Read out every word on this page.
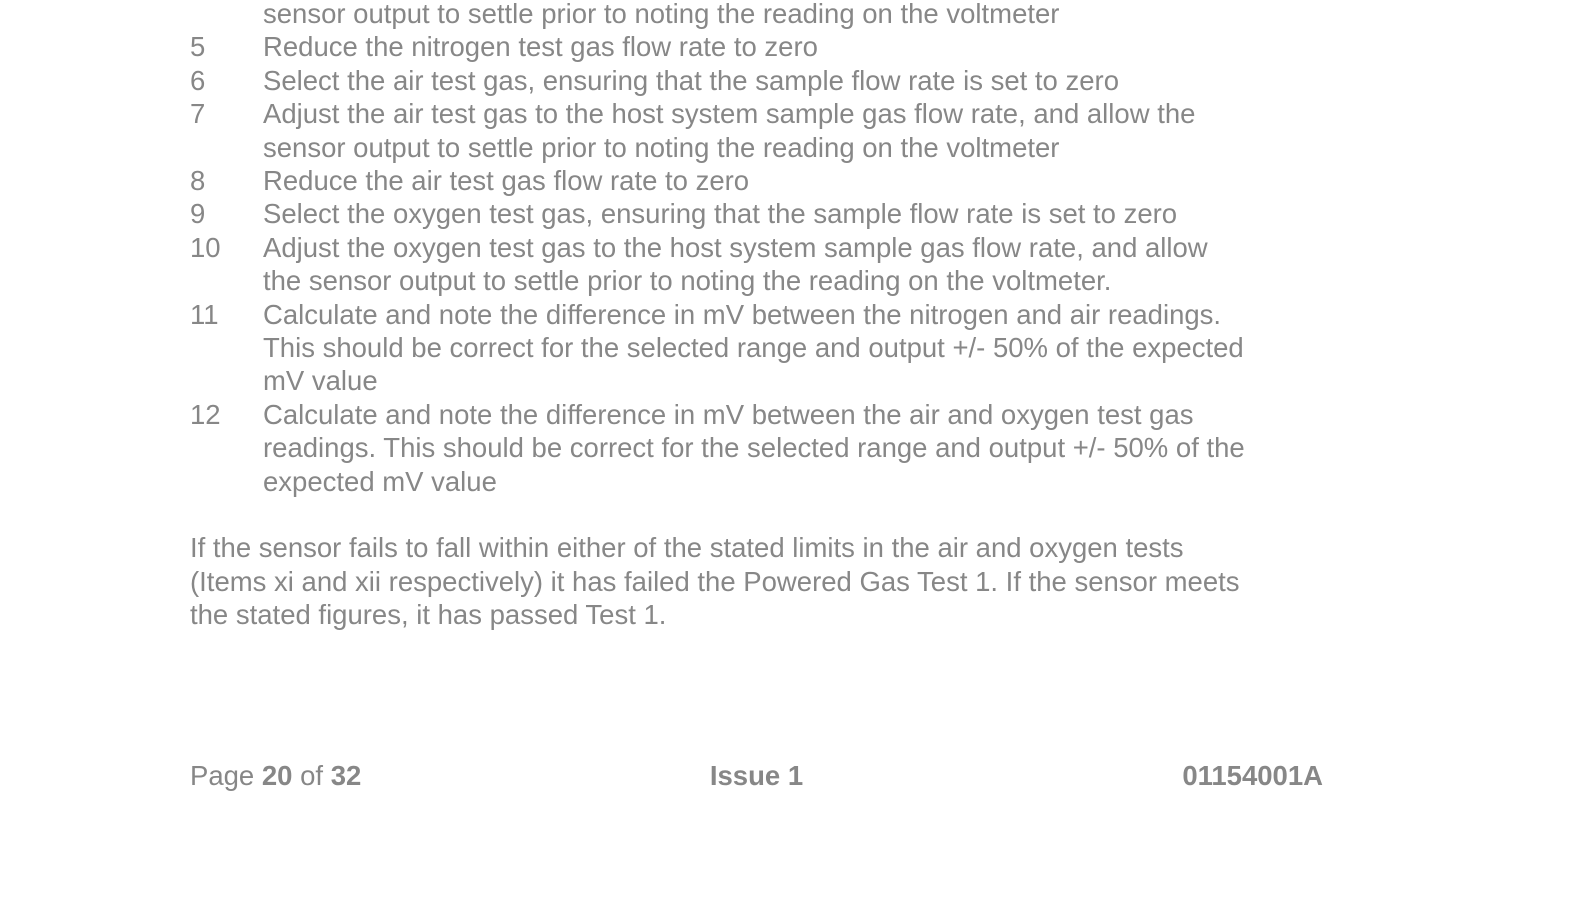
sensor output to settle prior to noting the reading on the voltmeter
5	Reduce the nitrogen test gas flow rate to zero
6	Select the air test gas, ensuring that the sample flow rate is set to zero
7	Adjust the air test gas to the host system sample gas flow rate, and allow the
sensor output to settle prior to noting the reading on the voltmeter
8	Reduce the air test gas flow rate to zero
9	Select the oxygen test gas, ensuring that the sample flow rate is set to zero
10	Adjust the oxygen test gas to the host system sample gas flow rate, and allow
the sensor output to settle prior to noting the reading on the voltmeter.
11	Calculate and note the difference in mV between the nitrogen and air readings.
This should be correct for the selected range and output +/- 50% of the expected
mV value
12	Calculate and note the difference in mV between the air and oxygen test gas
readings. This should be correct for the selected range and output +/- 50% of the
expected mV value
If the sensor fails to fall within either of the stated limits in the air and oxygen tests
(Items xi and xii respectively) it has failed the Powered Gas Test 1. If the sensor meets
the stated figures, it has passed Test 1.
Page 20 of 32	Issue 1	01154001A
